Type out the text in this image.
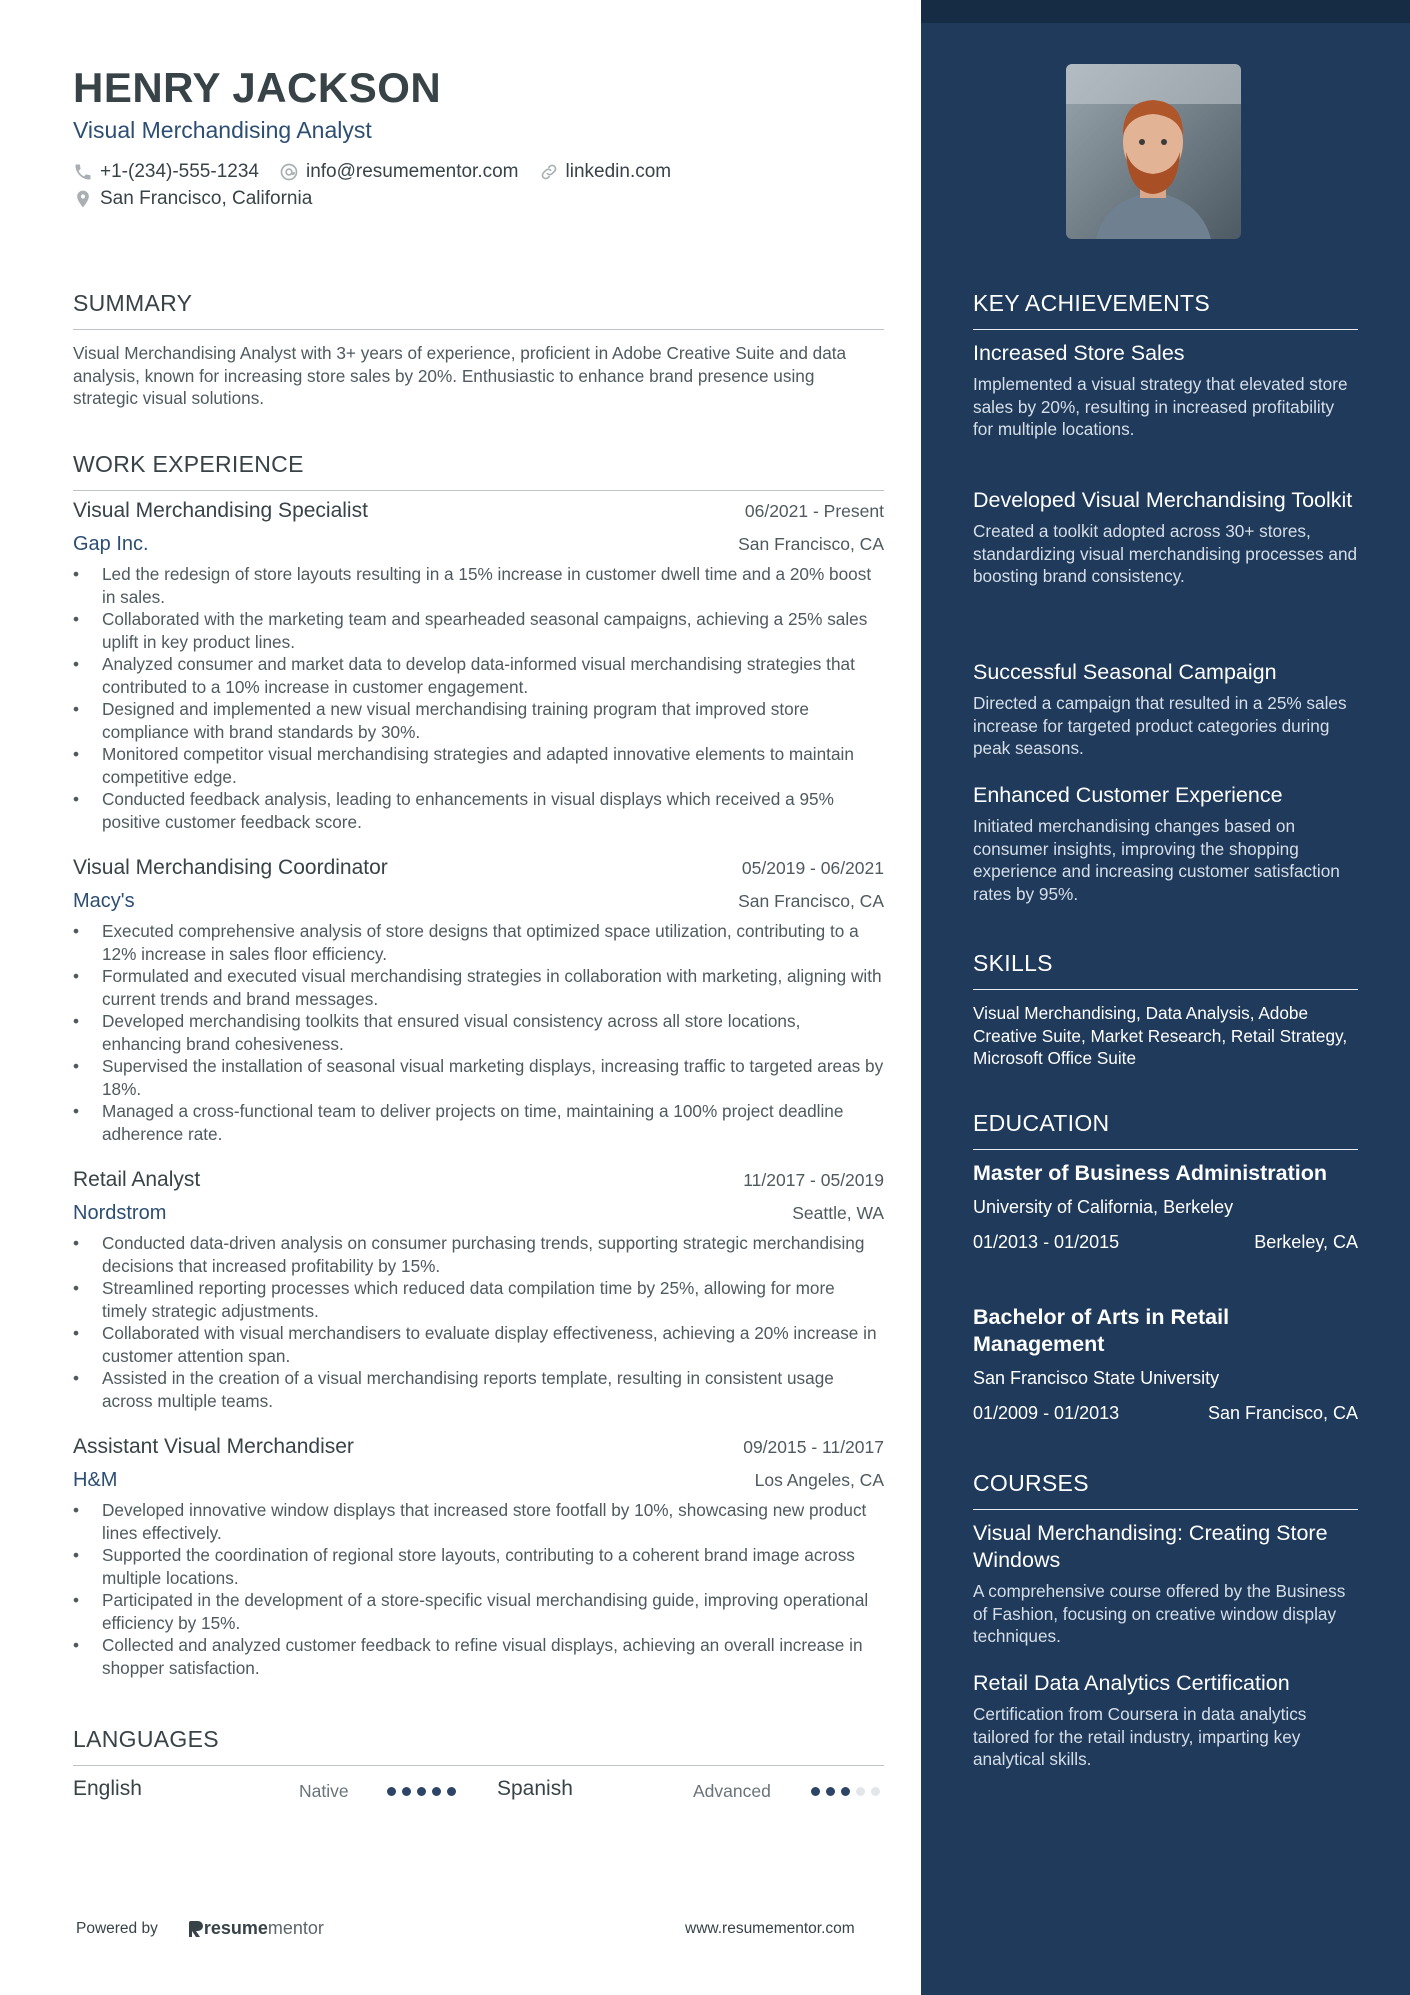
HENRY JACKSON
Visual Merchandising Analyst
+1-(234)-555-1234 info@resumementor.com linkedin.com
San Francisco, California
SUMMARY
Visual Merchandising Analyst with 3+ years of experience, proficient in Adobe Creative Suite and data analysis, known for increasing store sales by 20%. Enthusiastic to enhance brand presence using strategic visual solutions.
WORK EXPERIENCE
Visual Merchandising Specialist	06/2021 - Present
Gap Inc.	San Francisco, CA
• Led the redesign of store layouts resulting in a 15% increase in customer dwell time and a 20% boost in sales.
• Collaborated with the marketing team and spearheaded seasonal campaigns, achieving a 25% sales uplift in key product lines.
• Analyzed consumer and market data to develop data-informed visual merchandising strategies that contributed to a 10% increase in customer engagement.
• Designed and implemented a new visual merchandising training program that improved store compliance with brand standards by 30%.
• Monitored competitor visual merchandising strategies and adapted innovative elements to maintain competitive edge.
• Conducted feedback analysis, leading to enhancements in visual displays which received a 95% positive customer feedback score.
Visual Merchandising Coordinator	05/2019 - 06/2021
Macy's	San Francisco, CA
• Executed comprehensive analysis of store designs that optimized space utilization, contributing to a 12% increase in sales floor efficiency.
• Formulated and executed visual merchandising strategies in collaboration with marketing, aligning with current trends and brand messages.
• Developed merchandising toolkits that ensured visual consistency across all store locations, enhancing brand cohesiveness.
• Supervised the installation of seasonal visual marketing displays, increasing traffic to targeted areas by 18%.
• Managed a cross-functional team to deliver projects on time, maintaining a 100% project deadline adherence rate.
Retail Analyst	11/2017 - 05/2019
Nordstrom	Seattle, WA
• Conducted data-driven analysis on consumer purchasing trends, supporting strategic merchandising decisions that increased profitability by 15%.
• Streamlined reporting processes which reduced data compilation time by 25%, allowing for more timely strategic adjustments.
• Collaborated with visual merchandisers to evaluate display effectiveness, achieving a 20% increase in customer attention span.
• Assisted in the creation of a visual merchandising reports template, resulting in consistent usage across multiple teams.
Assistant Visual Merchandiser	09/2015 - 11/2017
H&M	Los Angeles, CA
• Developed innovative window displays that increased store footfall by 10%, showcasing new product lines effectively.
• Supported the coordination of regional store layouts, contributing to a coherent brand image across multiple locations.
• Participated in the development of a store-specific visual merchandising guide, improving operational efficiency by 15%.
• Collected and analyzed customer feedback to refine visual displays, achieving an overall increase in shopper satisfaction.
LANGUAGES
English	Native	Spanish	Advanced
Powered by	resume mentor	www.resumementor.com
KEY ACHIEVEMENTS
Increased Store Sales
Implemented a visual strategy that elevated store sales by 20%, resulting in increased profitability for multiple locations.
Developed Visual Merchandising Toolkit
Created a toolkit adopted across 30+ stores, standardizing visual merchandising processes and boosting brand consistency.
Successful Seasonal Campaign
Directed a campaign that resulted in a 25% sales increase for targeted product categories during peak seasons.
Enhanced Customer Experience
Initiated merchandising changes based on consumer insights, improving the shopping experience and increasing customer satisfaction rates by 95%.
SKILLS
Visual Merchandising, Data Analysis, Adobe Creative Suite, Market Research, Retail Strategy, Microsoft Office Suite
EDUCATION
Master of Business Administration
University of California, Berkeley
01/2013 - 01/2015	Berkeley, CA
Bachelor of Arts in Retail Management
San Francisco State University
01/2009 - 01/2013	San Francisco, CA
COURSES
Visual Merchandising: Creating Store Windows
A comprehensive course offered by the Business of Fashion, focusing on creative window display techniques.
Retail Data Analytics Certification
Certification from Coursera in data analytics tailored for the retail industry, imparting key analytical skills.
